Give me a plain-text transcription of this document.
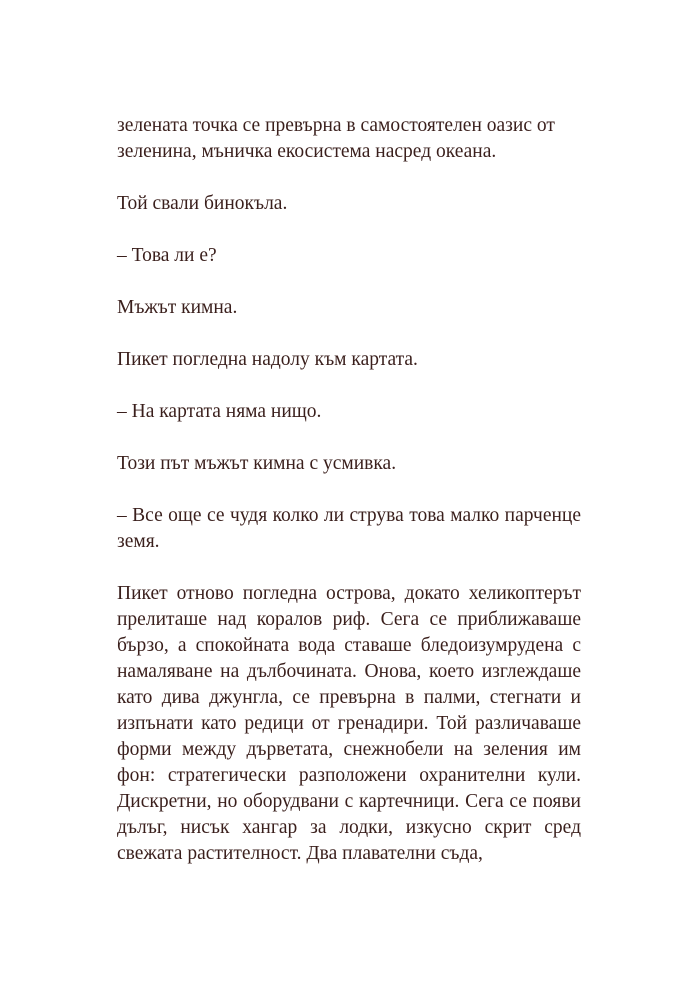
зелената точка се превърна в самостоятелен оазис от зеленина, мъничка екосистема насред океана.

Той свали бинокъла.

– Това ли е?

Мъжът кимна.

Пикет погледна надолу към картата.

– На картата няма нищо.

Този път мъжът кимна с усмивка.

– Все още се чудя колко ли струва това малко парченце земя.

Пикет отново погледна острова, докато хеликоптерът прелиташе над коралов риф. Сега се приближаваше бързо, а спокойната вода ставаше бледоизумрудена с намаляване на дълбочината. Онова, което изглеждаше като дива джунгла, се превърна в палми, стегнати и изпънати като редици от гренадири. Той различаваше форми между дърветата, снежнобели на зеления им фон: стратегически разположени охранителни кули. Дискретни, но оборудвани с картечници. Сега се появи дълъг, нисък хангар за лодки, изкусно скрит сред свежата растителност. Два плавателни съда,
